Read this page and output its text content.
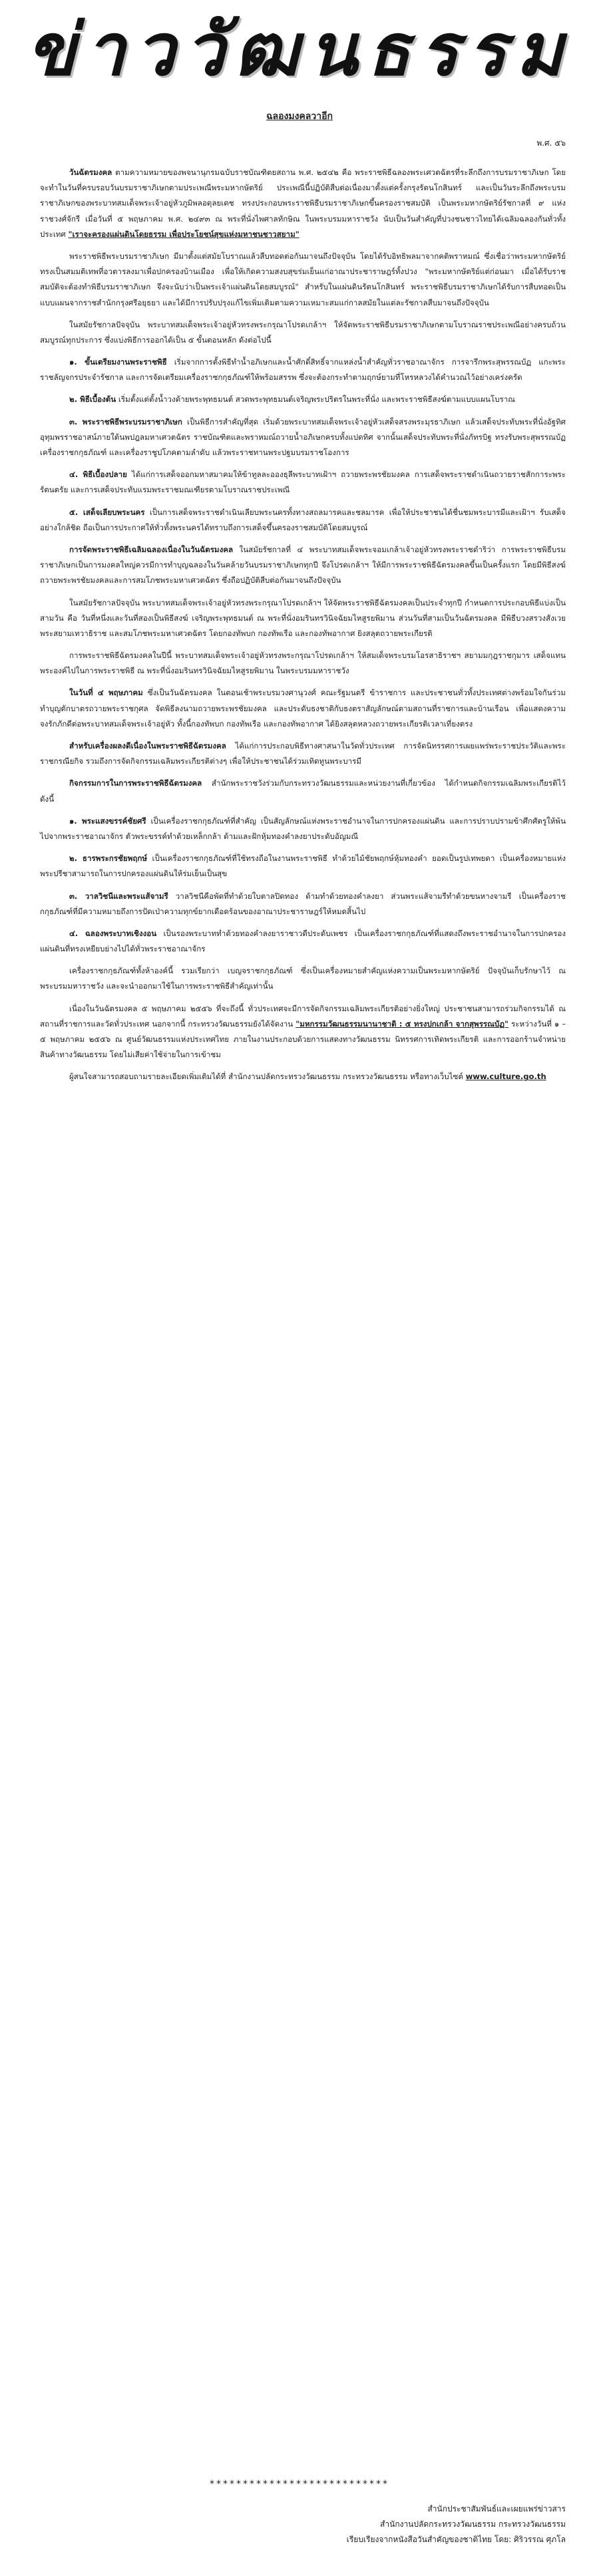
ข่าววัฒนธรรม
ฉลองมงคลวาอีก
พ.ศ. ๕๖

วันฉัตรมงคล ตามความหมายของพจนานุกรมฉบับราชบัณฑิตยสถาน พ.ศ. ๒๕๔๒ คือ พระราชพิธีฉลองพระเศวตฉัตรที่ระลึกถึงการบรมราชาภิเษก โดยจะทำในวันที่ครบรอบวันบรมราชาภิเษกตามประเพณีพระมหากษัตริย์ ประเพณีนี้ปฏิบัติสืบต่อเนื่องมาตั้งแต่ครั้งกรุงรัตนโกสินทร์ และเป็นวันระลึกถึงพระบรมราชาภิเษกของพระบาทสมเด็จพระเจ้าอยู่หัวภูมิพลอดุลยเดช ทรงประกอบพระราชพิธีบรมราชาภิเษกขึ้นครองราชสมบัติ เป็นพระมหากษัตริย์รัชกาลที่ ๙ แห่งราชวงศ์จักรี เมื่อวันที่ ๕ พฤษภาคม พ.ศ. ๒๔๙๓ ณ พระที่นั่งไพศาลทักษิณ ในพระบรมมหาราชวัง นับเป็นวันสำคัญที่ปวงชนชาวไทยได้เฉลิมฉลองกันทั่วทั้งประเทศ "เราจะครองแผ่นดินโดยธรรม เพื่อประโยชน์สุขแห่งมหาชนชาวสยาม"

พระราชพิธีพระบรมราชาภิเษก มีมาตั้งแต่สมัยโบราณแล้วสืบทอดต่อกันมาจนถึงปัจจุบัน โดยได้รับอิทธิพลมาจากคติพราหมณ์ ซึ่งเชื่อว่าพระมหากษัตริย์ทรงเป็นสมมติเทพที่อวตารลงมาเพื่อปกครองบ้านเมือง เพื่อให้เกิดความสงบสุขร่มเย็นแก่อาณาประชาราษฎร์ทั้งปวง "พระมหากษัตริย์แต่ก่อนมา เมื่อได้รับราชสมบัติจะต้องทำพิธีบรมราชาภิเษก จึงจะนับว่าเป็นพระเจ้าแผ่นดินโดยสมบูรณ์" สำหรับในแผ่นดินรัตนโกสินทร์ พระราชพิธีบรมราชาภิเษกได้รับการสืบทอดเป็นแบบแผนจากราชสำนักกรุงศรีอยุธยา และได้มีการปรับปรุงแก้ไขเพิ่มเติมตามความเหมาะสมแก่กาลสมัยในแต่ละรัชกาลสืบมาจนถึงปัจจุบัน

ในสมัยรัชกาลปัจจุบัน พระบาทสมเด็จพระเจ้าอยู่หัวทรงพระกรุณาโปรดเกล้าฯ ให้จัดพระราชพิธีบรมราชาภิเษกตามโบราณราชประเพณีอย่างครบถ้วนสมบูรณ์ทุกประการ ซึ่งแบ่งพิธีการออกได้เป็น ๕ ขั้นตอนหลัก ดังต่อไปนี้

๑. ขั้นเตรียมงานพระราชพิธี เริ่มจากการตั้งพิธีทำน้ำอภิเษกและน้ำศักดิ์สิทธิ์จากแหล่งน้ำสำคัญทั่วราชอาณาจักร การจารึกพระสุพรรณบัฏ แกะพระราชลัญจกรประจำรัชกาล และการจัดเตรียมเครื่องราชกกุธภัณฑ์ให้พร้อมสรรพ ซึ่งจะต้องกระทำตามฤกษ์ยามที่โหรหลวงได้คำนวณไว้อย่างเคร่งครัด

๒. พิธีเบื้องต้น เริ่มตั้งแต่ตั้งน้ำวงด้ายพระพุทธมนต์ สวดพระพุทธมนต์เจริญพระปริตรในพระที่นั่ง และพระราชพิธีสงฆ์ตามแบบแผนโบราณ

๓. พระราชพิธีพระบรมราชาภิเษก เป็นพิธีการสำคัญที่สุด เริ่มด้วยพระบาทสมเด็จพระเจ้าอยู่หัวเสด็จสรงพระมุรธาภิเษก แล้วเสด็จประทับพระที่นั่งอัฐทิศอุทุมพรราชอาสน์ภายใต้นพปฎลมหาเศวตฉัตร ราชบัณฑิตและพราหมณ์ถวายน้ำอภิเษกครบทั้งแปดทิศ จากนั้นเสด็จประทับพระที่นั่งภัทรบิฐ ทรงรับพระสุพรรณบัฏ เครื่องราชกกุธภัณฑ์ และเครื่องราชูปโภคตามลำดับ แล้วพระราชทานพระปฐมบรมราชโองการ

๔. พิธีเบื้องปลาย ได้แก่การเสด็จออกมหาสมาคมให้ข้าทูลละอองธุลีพระบาทเฝ้าฯ ถวายพระพรชัยมงคล การเสด็จพระราชดำเนินถวายราชสักการะพระรัตนตรัย และการเสด็จประทับแรมพระราชมณเฑียรตามโบราณราชประเพณี

๕. เสด็จเลียบพระนคร เป็นการเสด็จพระราชดำเนินเลียบพระนครทั้งทางสถลมารคและชลมารค เพื่อให้ประชาชนได้ชื่นชมพระบารมีและเฝ้าฯ รับเสด็จอย่างใกล้ชิด ถือเป็นการประกาศให้ทั่วทั้งพระนครได้ทราบถึงการเสด็จขึ้นครองราชสมบัติโดยสมบูรณ์

การจัดพระราชพิธีเฉลิมฉลองเนื่องในวันฉัตรมงคล ในสมัยรัชกาลที่ ๔ พระบาทสมเด็จพระจอมเกล้าเจ้าอยู่หัวทรงพระราชดำริว่า การพระราชพิธีบรมราชาภิเษกเป็นการมงคลใหญ่ควรมีการทำบุญฉลองในวันคล้ายวันบรมราชาภิเษกทุกปี จึงโปรดเกล้าฯ ให้มีการพระราชพิธีฉัตรมงคลขึ้นเป็นครั้งแรก โดยมีพิธีสงฆ์ถวายพระพรชัยมงคลและการสมโภชพระมหาเศวตฉัตร ซึ่งถือปฏิบัติสืบต่อกันมาจนถึงปัจจุบัน

ในสมัยรัชกาลปัจจุบัน พระบาทสมเด็จพระเจ้าอยู่หัวทรงพระกรุณาโปรดเกล้าฯ ให้จัดพระราชพิธีฉัตรมงคลเป็นประจำทุกปี กำหนดการประกอบพิธีแบ่งเป็นสามวัน คือ วันที่หนึ่งและวันที่สองเป็นพิธีสงฆ์ เจริญพระพุทธมนต์ ณ พระที่นั่งอมรินทรวินิจฉัยมไหสูรยพิมาน ส่วนวันที่สามเป็นวันฉัตรมงคล มีพิธีบวงสรวงสังเวยพระสยามเทวาธิราช และสมโภชพระมหาเศวตฉัตร โดยกองทัพบก กองทัพเรือ และกองทัพอากาศ ยิงสลุตถวายพระเกียรติ

การพระราชพิธีฉัตรมงคลในปีนี้ พระบาทสมเด็จพระเจ้าอยู่หัวทรงพระกรุณาโปรดเกล้าฯ ให้สมเด็จพระบรมโอรสาธิราชฯ สยามมกุฎราชกุมาร เสด็จแทนพระองค์ไปในการพระราชพิธี ณ พระที่นั่งอมรินทรวินิจฉัยมไหสูรยพิมาน ในพระบรมมหาราชวัง

ในวันที่ ๔ พฤษภาคม ซึ่งเป็นวันฉัตรมงคล ในตอนเช้าพระบรมวงศานุวงศ์ คณะรัฐมนตรี ข้าราชการ และประชาชนทั่วทั้งประเทศต่างพร้อมใจกันร่วมทำบุญตักบาตรถวายพระราชกุศล จัดพิธีลงนามถวายพระพรชัยมงคล และประดับธงชาติกับธงตราสัญลักษณ์ตามสถานที่ราชการและบ้านเรือน เพื่อแสดงความจงรักภักดีต่อพระบาทสมเด็จพระเจ้าอยู่หัว ทั้งนี้กองทัพบก กองทัพเรือ และกองทัพอากาศ ได้ยิงสลุตหลวงถวายพระเกียรติเวลาเที่ยงตรง

สำหรับเครื่องผลงดีเนื่องในพระราชพิธีฉัตรมงคล ได้แก่การประกอบพิธีทางศาสนาในวัดทั่วประเทศ การจัดนิทรรศการเผยแพร่พระราชประวัติและพระราชกรณียกิจ รวมถึงการจัดกิจกรรมเฉลิมพระเกียรติต่างๆ เพื่อให้ประชาชนได้ร่วมเทิดทูนพระบารมี

กิจกรรมการในการพระราชพิธีฉัตรมงคล สำนักพระราชวังร่วมกับกระทรวงวัฒนธรรมและหน่วยงานที่เกี่ยวข้อง ได้กำหนดกิจกรรมเฉลิมพระเกียรติไว้ ดังนี้

๑. พระแสงขรรค์ชัยศรี เป็นเครื่องราชกกุธภัณฑ์ที่สำคัญ เป็นสัญลักษณ์แห่งพระราชอำนาจในการปกครองแผ่นดิน และการปราบปรามข้าศึกศัตรูให้พ้นไปจากพระราชอาณาจักร ตัวพระขรรค์ทำด้วยเหล็กกล้า ด้ามและฝักหุ้มทองคำลงยาประดับอัญมณี

๒. ธารพระกรชัยพฤกษ์ เป็นเครื่องราชกกุธภัณฑ์ที่ใช้ทรงถือในงานพระราชพิธี ทำด้วยไม้ชัยพฤกษ์หุ้มทองคำ ยอดเป็นรูปเทพยดา เป็นเครื่องหมายแห่งพระปรีชาสามารถในการปกครองแผ่นดินให้ร่มเย็นเป็นสุข

๓. วาลวิชนีและพระแส้จามรี วาลวิชนีคือพัดที่ทำด้วยใบตาลปิดทอง ด้ามทำด้วยทองคำลงยา ส่วนพระแส้จามรีทำด้วยขนหางจามรี เป็นเครื่องราชกกุธภัณฑ์ที่มีความหมายถึงการปัดเป่าความทุกข์ยากเดือดร้อนของอาณาประชาราษฎร์ให้หมดสิ้นไป

๔. ฉลองพระบาทเชิงงอน เป็นรองพระบาททำด้วยทองคำลงยาราชาวดีประดับเพชร เป็นเครื่องราชกกุธภัณฑ์ที่แสดงถึงพระราชอำนาจในการปกครองแผ่นดินที่ทรงเหยียบย่างไปได้ทั่วพระราชอาณาจักร

เครื่องราชกกุธภัณฑ์ทั้งห้าองค์นี้ รวมเรียกว่า เบญจราชกกุธภัณฑ์ ซึ่งเป็นเครื่องหมายสำคัญแห่งความเป็นพระมหากษัตริย์ ปัจจุบันเก็บรักษาไว้ ณ พระบรมมหาราชวัง และจะนำออกมาใช้ในการพระราชพิธีสำคัญเท่านั้น

เนื่องในวันฉัตรมงคล ๕ พฤษภาคม ๒๕๕๖ ที่จะถึงนี้ ทั่วประเทศจะมีการจัดกิจกรรมเฉลิมพระเกียรติอย่างยิ่งใหญ่ ประชาชนสามารถร่วมกิจกรรมได้ ณ สถานที่ราชการและวัดทั่วประเทศ นอกจากนี้ กระทรวงวัฒนธรรมยังได้จัดงาน "มหกรรมวัฒนธรรมนานาชาติ : ๕ ทรงปกเกล้า จากสุพรรณบัฏ" ระหว่างวันที่ ๑ – ๕ พฤษภาคม ๒๕๕๖ ณ ศูนย์วัฒนธรรมแห่งประเทศไทย ภายในงานประกอบด้วยการแสดงทางวัฒนธรรม นิทรรศการเทิดพระเกียรติ และการออกร้านจำหน่ายสินค้าทางวัฒนธรรม โดยไม่เสียค่าใช้จ่ายในการเข้าชม

ผู้สนใจสามารถสอบถามรายละเอียดเพิ่มเติมได้ที่ สำนักงานปลัดกระทรวงวัฒนธรรม กระทรวงวัฒนธรรม หรือทางเว็บไซต์ www.culture.go.th

***************************
สำนักประชาสัมพันธ์และเผยแพร่ข่าวสาร
สำนักงานปลัดกระทรวงวัฒนธรรม กระทรวงวัฒนธรรม
เรียบเรียงจากหนังสือวันสำคัญของชาติไทย โดย: ศิริวรรณ ศุภโล
